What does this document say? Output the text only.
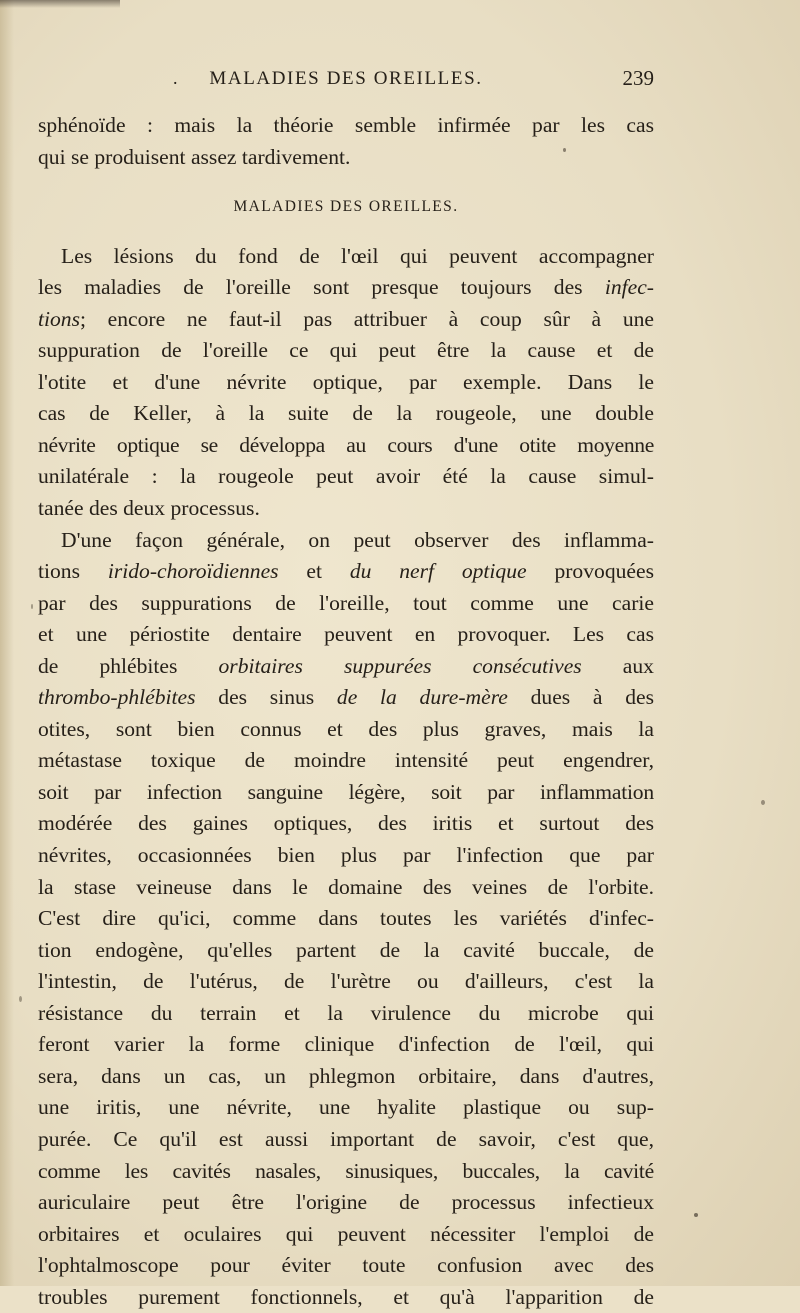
.	MALADIES DES OREILLES.	239
sphénoïde : mais la théorie semble infirmée par les cas
qui se produisent assez tardivement.
MALADIES DES OREILLES.
Les lésions du fond de l'œil qui peuvent accompagner
les maladies de l'oreille sont presque toujours des infec-
tions; encore ne faut-il pas attribuer à coup sûr à une
suppuration de l'oreille ce qui peut être la cause et de
l'otite et d'une névrite optique, par exemple. Dans le
cas de Keller, à la suite de la rougeole, une double
névrite optique se développa au cours d'une otite moyenne
unilatérale : la rougeole peut avoir été la cause simul-
tanée des deux processus.
D'une façon générale, on peut observer des inflamma-
tions irido-choroïdiennes et du nerf optique provoquées
par des suppurations de l'oreille, tout comme une carie
et une périostite dentaire peuvent en provoquer. Les cas
de phlébites orbitaires suppurées consécutives aux
thrombo-phlébites des sinus de la dure-mère dues à des
otites, sont bien connus et des plus graves, mais la
métastase toxique de moindre intensité peut engendrer,
soit par infection sanguine légère, soit par inflammation
modérée des gaines optiques, des iritis et surtout des
névrites, occasionnées bien plus par l'infection que par
la stase veineuse dans le domaine des veines de l'orbite.
C'est dire qu'ici, comme dans toutes les variétés d'infec-
tion endogène, qu'elles partent de la cavité buccale, de
l'intestin, de l'utérus, de l'urètre ou d'ailleurs, c'est la
résistance du terrain et la virulence du microbe qui
feront varier la forme clinique d'infection de l'œil, qui
sera, dans un cas, un phlegmon orbitaire, dans d'autres,
une iritis, une névrite, une hyalite plastique ou sup-
purée. Ce qu'il est aussi important de savoir, c'est que,
comme les cavités nasales, sinusiques, buccales, la cavité
auriculaire peut être l'origine de processus infectieux
orbitaires et oculaires qui peuvent nécessiter l'emploi de
l'ophtalmoscope pour éviter toute confusion avec des
troubles purement fonctionnels, et qu'à l'apparition de
